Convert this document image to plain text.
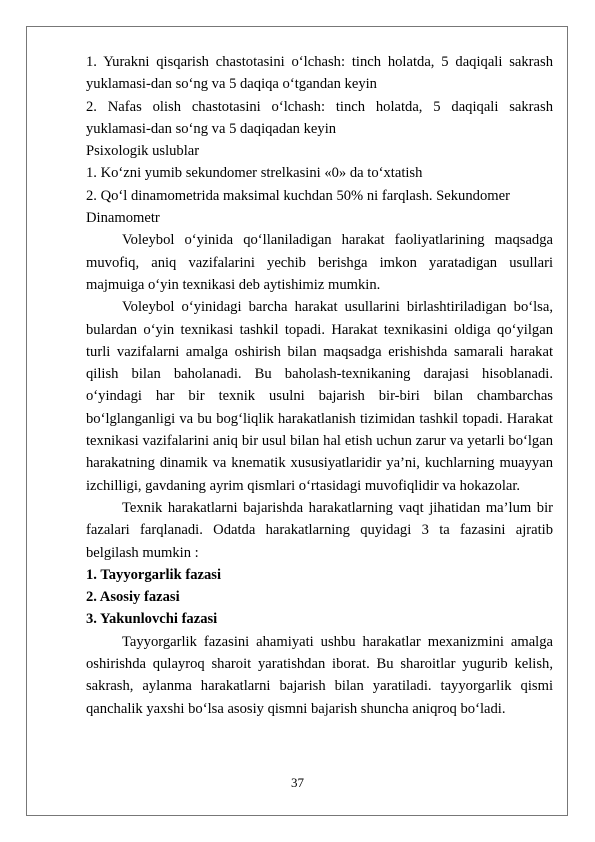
1. Yurakni qisqarish chastotasini o‘lchash: tinch holatda, 5 daqiqali sakrash yuklamasi-dan so‘ng va 5 daqiqa o‘tgandan keyin

2. Nafas olish chastotasini o‘lchash: tinch holatda, 5 daqiqali sakrash yuklamasi-dan so‘ng va 5 daqiqadan keyin

Psixologik uslublar

1. Ko‘zni yumib sekundomer strelkasini «0» da to‘xtatish

2. Qo‘l dinamometrida maksimal kuchdan 50% ni farqlash. Sekundomer Dinamometr

Voleybol o‘yinida qo‘llaniladigan harakat faoliyatlarining maqsadga muvofiq, aniq vazifalarini yechib berishga imkon yaratadigan usullari majmuiga o‘yin texnikasi deb aytishimiz mumkin.

Voleybol o‘yinidagi barcha harakat usullarini birlashtiriladigan bo‘lsa, bulardan o‘yin texnikasi tashkil topadi. Harakat texnikasini oldiga qo‘yilgan turli vazifalarni amalga oshirish bilan maqsadga erishishda samarali harakat qilish bilan baholanadi. Bu baholash-texnikaning darajasi hisoblanadi. o‘yindagi har bir texnik usulni bajarish bir-biri bilan chambarchas bo‘lglanganligi va bu bog‘liqlik harakatlanish tizimidan tashkil topadi. Harakat texnikasi vazifalarini aniq bir usul bilan hal etish uchun zarur va yetarli bo‘lgan harakatning dinamik va knematik xususiyatlaridir ya’ni, kuchlarning muayyan izchilligi, gavdaning ayrim qismlari o‘rtasidagi muvofiqlidir va hokazolar.

Texnik harakatlarni bajarishda harakatlarning vaqt jihatidan ma’lum bir fazalari farqlanadi. Odatda harakatlarning quyidagi 3 ta fazasini ajratib belgilash mumkin :

1. Tayyorgarlik fazasi

2. Asosiy fazasi

3. Yakunlovchi fazasi

Tayyorgarlik fazasini ahamiyati ushbu harakatlar mexanizmini amalga oshirishda qulayroq sharoit yaratishdan iborat. Bu sharoitlar yugurib kelish, sakrash, aylanma harakatlarni bajarish bilan yaratiladi. tayyorgarlik qismi qanchalik yaxshi bo‘lsa asosiy qismni bajarish shuncha aniqroq bo‘ladi.

37
